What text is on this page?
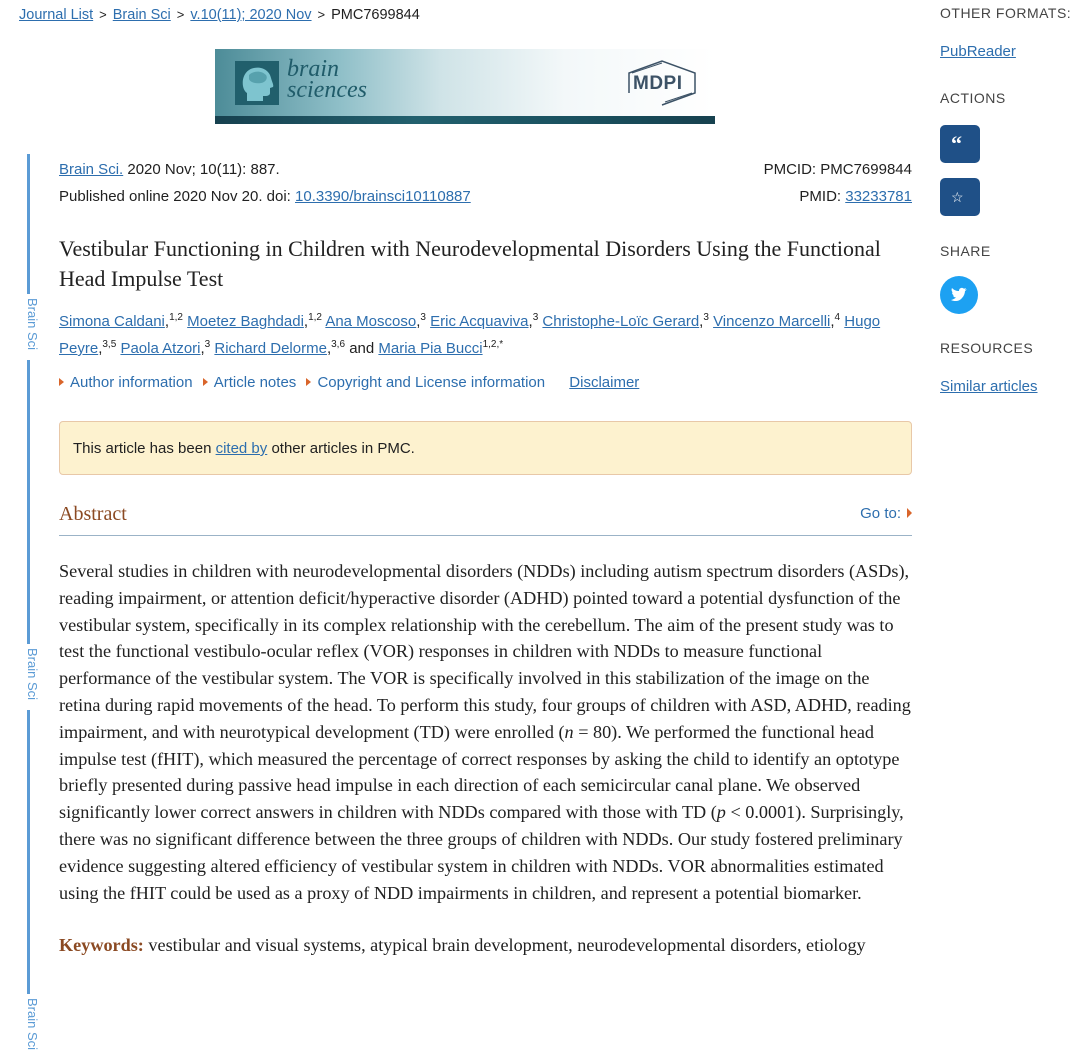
Journal List > Brain Sci > v.10(11); 2020 Nov > PMC7699844
brain
sciences	MDPI
Brain Sci
Brain Sci
Brain Sci
Brain Sci. 2020 Nov; 10(11): 887.
Published online 2020 Nov 20. doi: 10.3390/brainsci10110887
PMCID: PMC7699844
PMID: 33233781
Vestibular Functioning in Children with Neurodevelopmental Disorders Using the Functional Head Impulse Test
Simona Caldani,$^{1,2}$ Moetez Baghdadi,$^{1,2}$ Ana Moscoso,$^3$ Eric Acquaviva,$^3$ Christophe-Loïc Gerard,$^3$ Vincenzo Marcelli,$^4$ Hugo Peyre,$^{3,5}$ Paola Atzori,$^3$ Richard Delorme,$^{3,6}$ and Maria Pia Bucci$^{1,2,*}$
Author information Article notes Copyright and License information Disclaimer
This article has been cited by other articles in PMC.
Abstract	Go to:

Several studies in children with neurodevelopmental disorders (NDDs) including autism spectrum disorders (ASDs), reading impairment, or attention deficit/hyperactive disorder (ADHD) pointed toward a potential dysfunction of the vestibular system, specifically in its complex relationship with the cerebellum. The aim of the present study was to test the functional vestibulo-ocular reflex (VOR) responses in children with NDDs to measure functional performance of the vestibular system. The VOR is specifically involved in this stabilization of the image on the retina during rapid movements of the head. To perform this study, four groups of children with ASD, ADHD, reading impairment, and with neurotypical development (TD) were enrolled (n = 80). We performed the functional head impulse test (fHIT), which measured the percentage of correct responses by asking the child to identify an optotype briefly presented during passive head impulse in each direction of each semicircular canal plane. We observed significantly lower correct answers in children with NDDs compared with those with TD (p < 0.0001). Surprisingly, there was no significant difference between the three groups of children with NDDs. Our study fostered preliminary evidence suggesting altered efficiency of vestibular system in children with NDDs. VOR abnormalities estimated using the fHIT could be used as a proxy of NDD impairments in children, and represent a potential biomarker.

Keywords: vestibular and visual systems, atypical brain development, neurodevelopmental disorders, etiology

OTHER FORMATS:
PubReader
ACTIONS
“
☆
SHARE
RESOURCES
Similar articles
